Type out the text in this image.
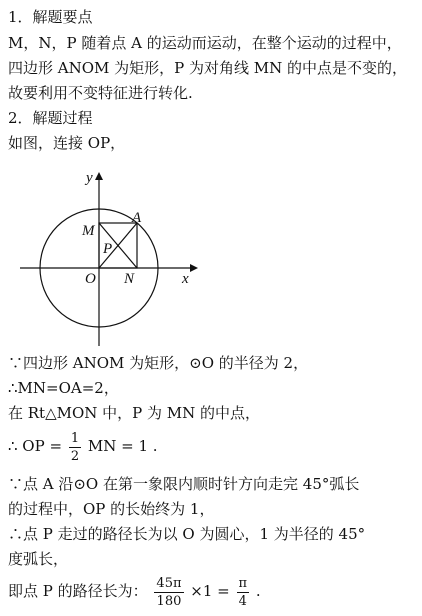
1．解题要点
M，N，P 随着点 A 的运动而运动，在整个运动的过程中，
四边形 ANOM 为矩形，P 为对角线 MN 的中点是不变的，
故要利用不变特征进行转化.
2．解题过程
如图，连接 OP，
y
x
M
A
P
O N
∵四边形 ANOM 为矩形，⊙O 的半径为 2，
∴MN=OA=2，
在 Rt△MON 中，P 为 MN 的中点，
∴ OP = $\frac{1}{2}$ MN = 1 .
∵点 A 沿⊙O 在第一象限内顺时针方向走完 45°弧长
的过程中，OP 的长始终为 1，
∴点 P 走过的路径长为以 O 为圆心，1 为半径的 45°
度弧长，
即点 P 的路径长为： $\frac{45\pi}{180} \times 1 = \frac{\pi}{4}$ .
